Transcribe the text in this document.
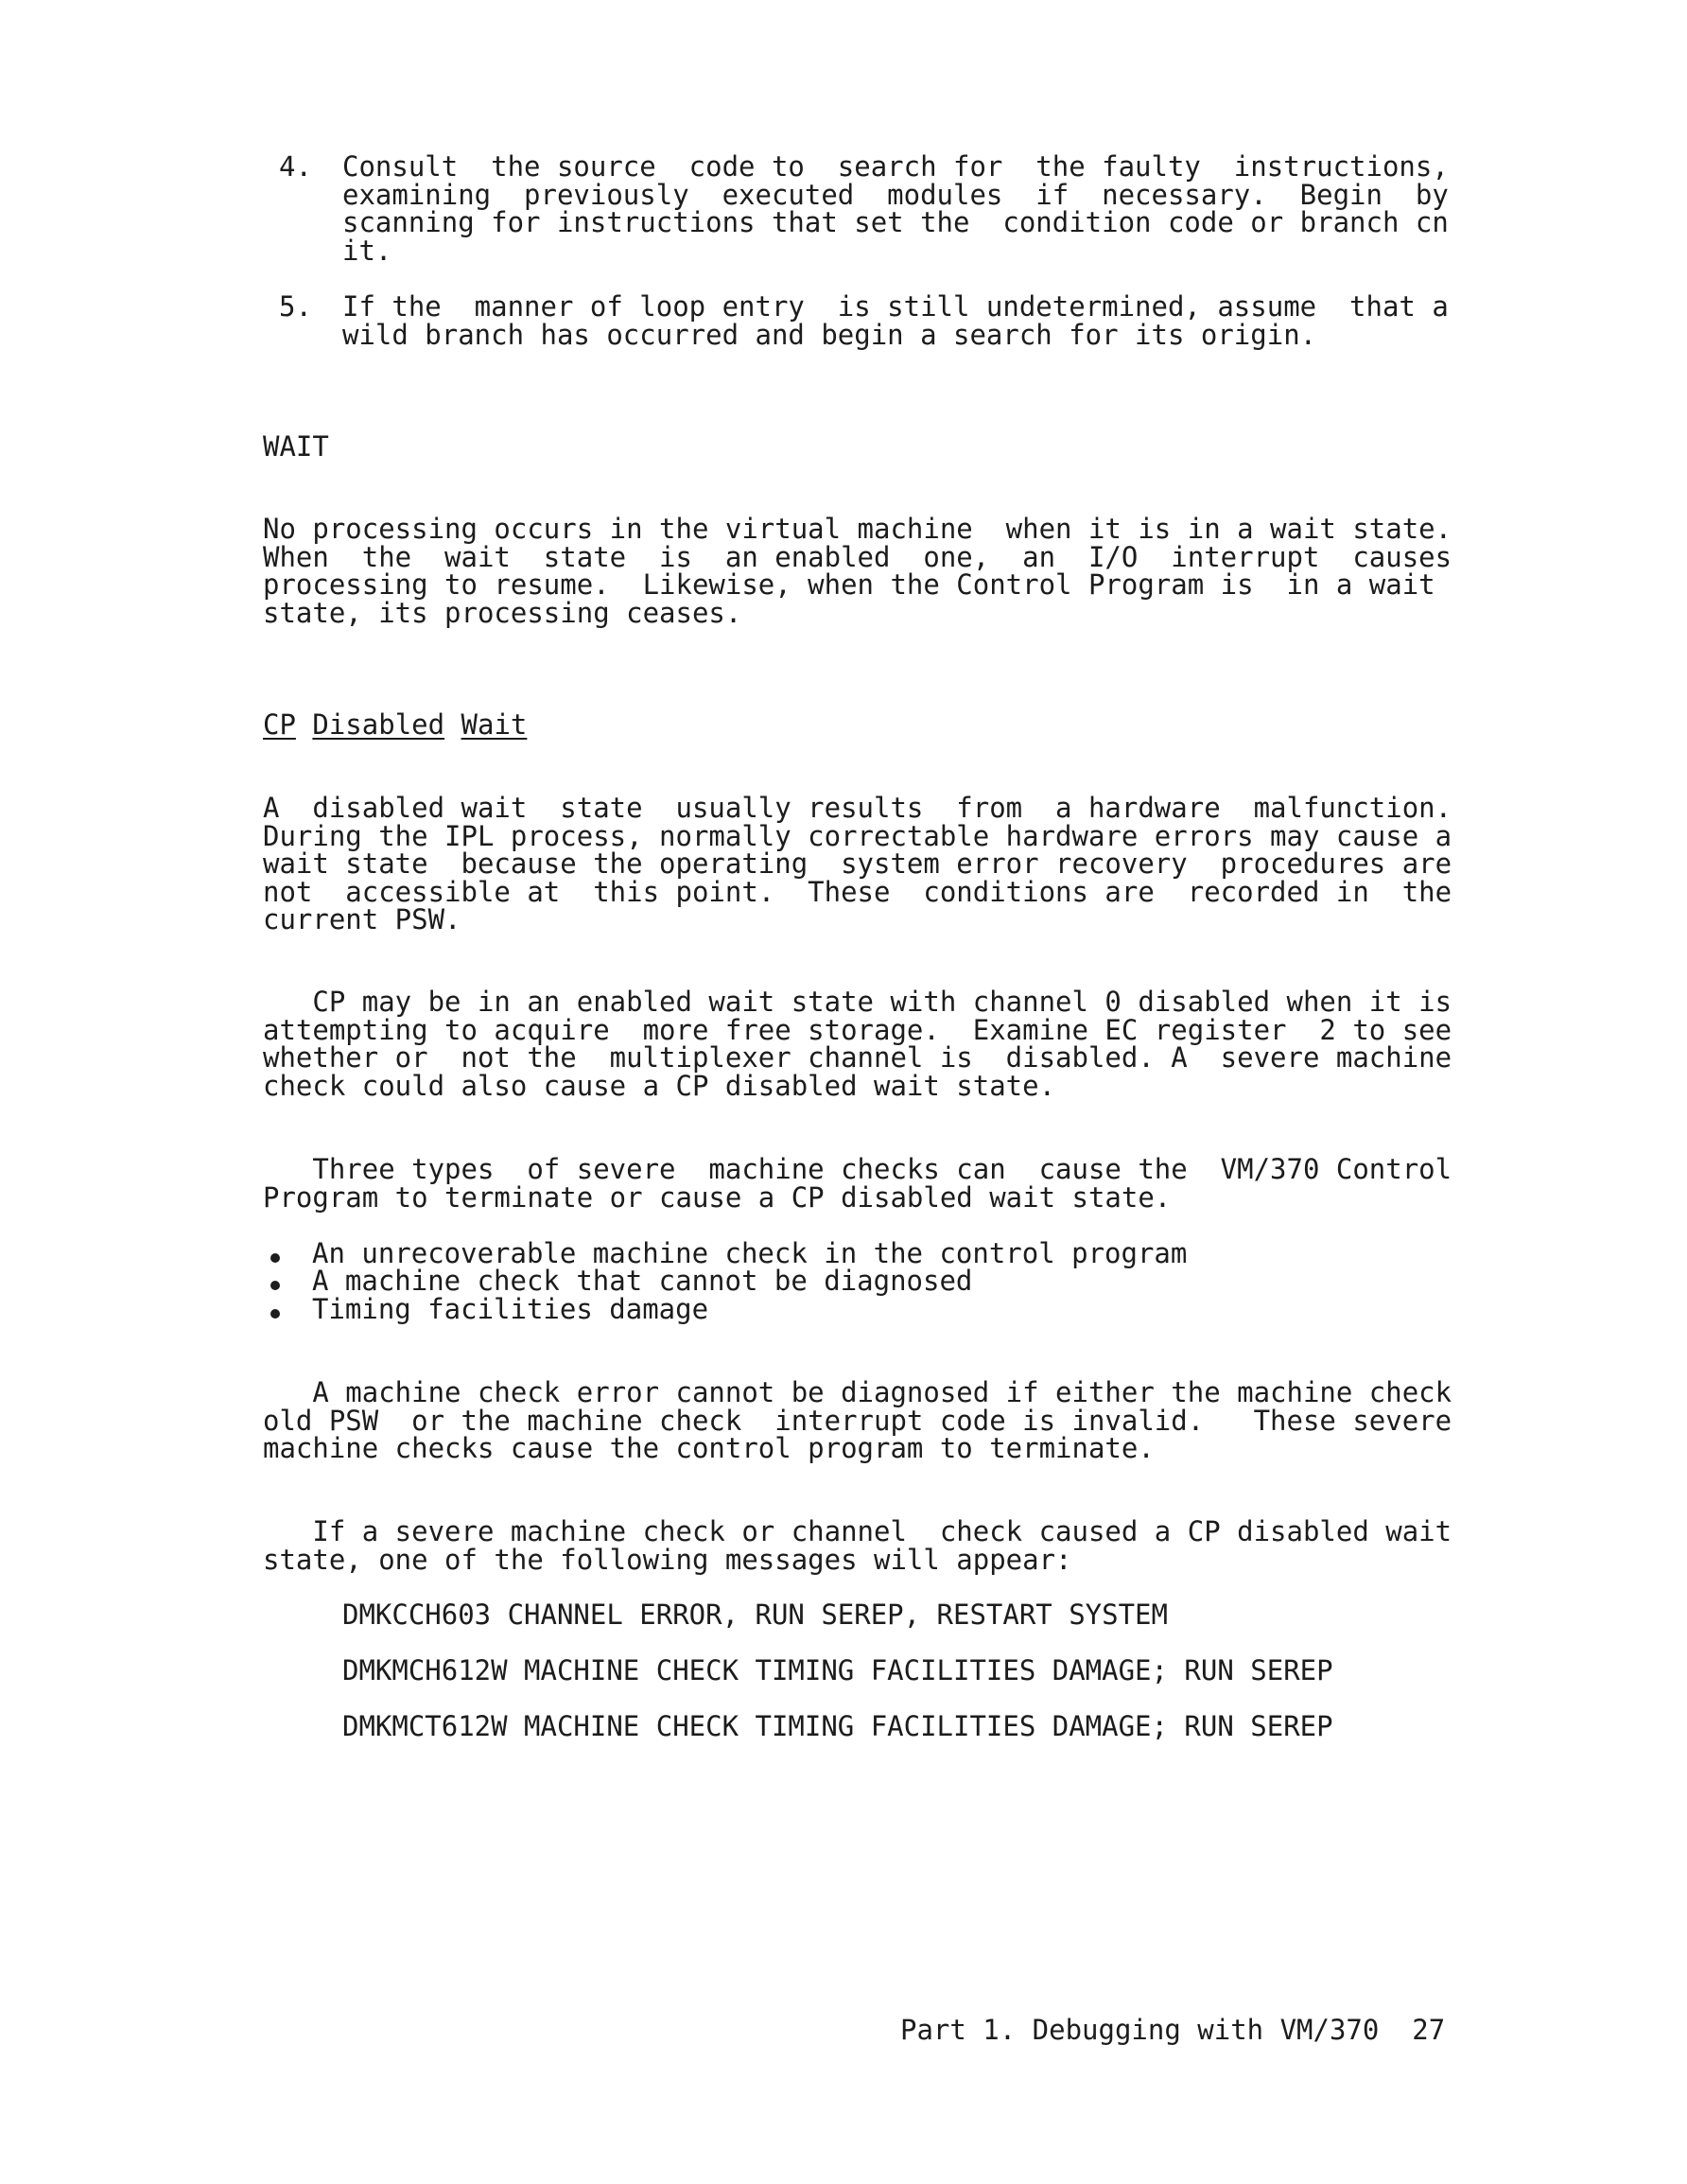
4. Consult  the source  code to  search for  the faulty  instructions,
examining  previously  executed  modules  if  necessary.  Begin  by
scanning for instructions that set the  condition code or branch cn
it.
5. If the  manner of loop entry  is still undetermined, assume  that a
wild branch has occurred and begin a search for its origin.
WAIT
No processing occurs in the virtual machine  when it is in a wait state.
When  the  wait  state  is  an enabled  one,  an  I/O  interrupt  causes
processing to resume.  Likewise, when the Control Program is  in a wait
state, its processing ceases.
CP Disabled Wait
A  disabled wait  state  usually results  from  a hardware  malfunction.
During the IPL process, normally correctable hardware errors may cause a
wait state  because the operating  system error recovery  procedures are
not  accessible at  this point.  These  conditions are  recorded in  the
current PSW.
CP may be in an enabled wait state with channel 0 disabled when it is
attempting to acquire  more free storage.  Examine EC register  2 to see
whether or  not the  multiplexer channel is  disabled. A  severe machine
check could also cause a CP disabled wait state.
Three types  of severe  machine checks can  cause the  VM/370 Control
Program to terminate or cause a CP disabled wait state.
An unrecoverable machine check in the control program
A machine check that cannot be diagnosed
Timing facilities damage
A machine check error cannot be diagnosed if either the machine check
old PSW  or the machine check  interrupt code is invalid.   These severe
machine checks cause the control program to terminate.
If a severe machine check or channel  check caused a CP disabled wait
state, one of the following messages will appear:
DMKCCH603 CHANNEL ERROR, RUN SEREP, RESTART SYSTEM
DMKMCH612W MACHINE CHECK TIMING FACILITIES DAMAGE; RUN SEREP
DMKMCT612W MACHINE CHECK TIMING FACILITIES DAMAGE; RUN SEREP
Part 1. Debugging with VM/370 27
